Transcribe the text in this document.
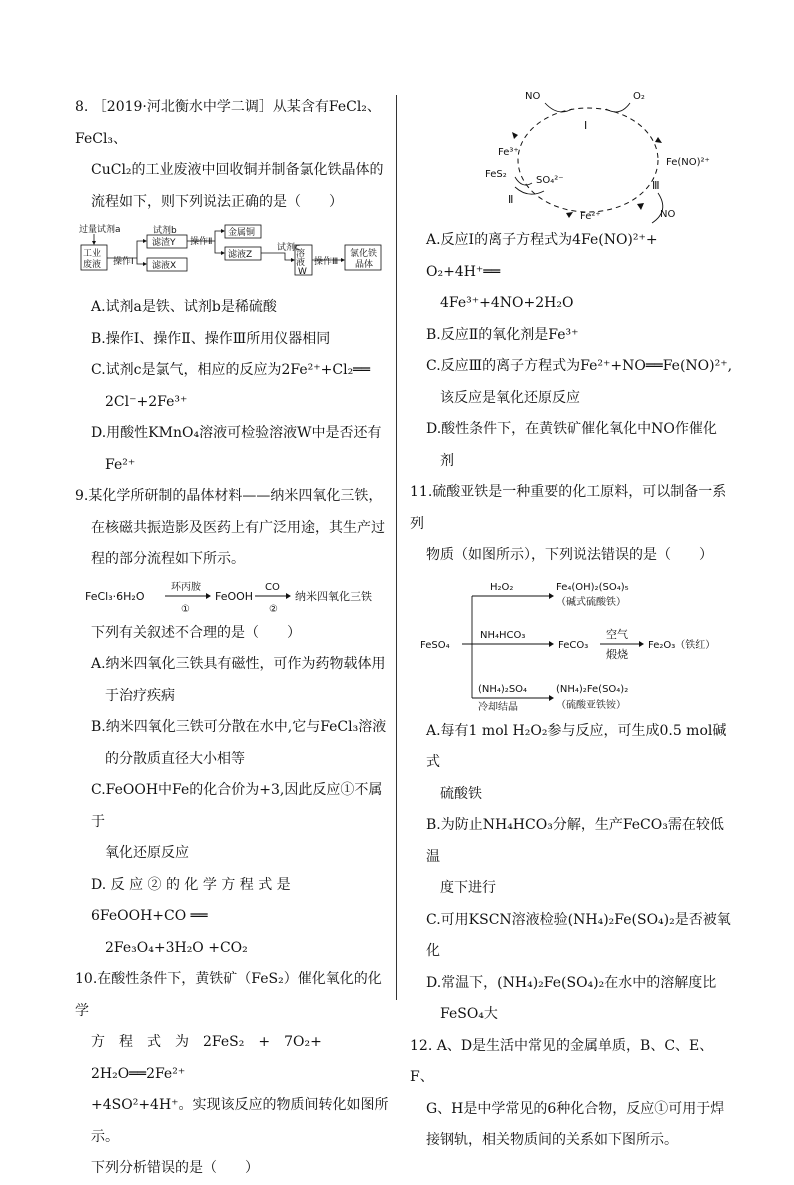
8. ［2019·河北衡水中学二调］从某含有FeCl₂、FeCl₃、

CuCl₂的工业废液中回收铜并制备氯化铁晶体的

流程如下，则下列说法正确的是（　　）

过量试剂a	试剂b
操作Ⅰ
操作Ⅱ
试剂c
操作Ⅲ
工业
废液
滤渣Y
滤液X
金属铜
滤液Z	溶
液
W
氯化铁
晶体

A.试剂a是铁、试剂b是稀硫酸

B.操作Ⅰ、操作Ⅱ、操作Ⅲ所用仪器相同

C.试剂c是氯气，相应的反应为2Fe²⁺+Cl₂══

2Cl⁻+2Fe³⁺

D.用酸性KMnO₄溶液可检验溶液W中是否还有

Fe²⁺

9.某化学所研制的晶体材料——纳米四氧化三铁，

在核磁共振造影及医药上有广泛用途，其生产过

程的部分流程如下所示。

FeCl₃·6H₂O
环丙胺
①
FeOOH
CO
②
纳米四氧化三铁

下列有关叙述不合理的是（　　）

A.纳米四氧化三铁具有磁性，可作为药物载体用

于治疗疾病

B.纳米四氧化三铁可分散在水中,它与FeCl₃溶液

的分散质直径大小相等

C.FeOOH中Fe的化合价为+3,因此反应①不属于

氧化还原反应

D. 反 应 ② 的 化 学 方 程 式 是 6FeOOH+CO ══

2Fe₃O₄+3H₂O +CO₂

10.在酸性条件下，黄铁矿（FeS₂）催化氧化的化学

方　程　式　为　2FeS₂　+　7O₂+　2H₂O══2Fe²⁺

+4SO²+4H⁺。实现该反应的物质间转化如图所示。

下列分析错误的是（　　）

NO	O₂
Ⅰ
Fe³⁺
Fe(NO)²⁺
FeS₂
SO₄²⁻
Ⅱ
Ⅲ
Fe²⁺	NO

A.反应Ⅰ的离子方程式为4Fe(NO)²⁺+ O₂+4H⁺══

4Fe³⁺+4NO+2H₂O

B.反应Ⅱ的氧化剂是Fe³⁺

C.反应Ⅲ的离子方程式为Fe²⁺+NO══Fe(NO)²⁺,

该反应是氧化还原反应

D.酸性条件下，在黄铁矿催化氧化中NO作催化

剂

11.硫酸亚铁是一种重要的化工原料，可以制备一系列

物质（如图所示），下列说法错误的是（　　）

FeSO₄
H₂O₂	Fe₄(OH)₂(SO₄)₅
（碱式硫酸铁）
NH₄HCO₃
FeCO₃
空气
煅烧
Fe₂O₃（铁红）
(NH₄)₂SO₄
冷却结晶
(NH₄)₂Fe(SO₄)₂
（硫酸亚铁铵）

A.每有1 mol H₂O₂参与反应，可生成0.5 mol碱式

硫酸铁

B.为防止NH₄HCO₃分解，生产FeCO₃需在较低温

度下进行

C.可用KSCN溶液检验(NH₄)₂Fe(SO₄)₂是否被氧化

D.常温下，(NH₄)₂Fe(SO₄)₂在水中的溶解度比

FeSO₄大

12. A、D是生活中常见的金属单质，B、C、E、F、

G、H是中学常见的6种化合物，反应①可用于焊

接钢轨，相关物质间的关系如下图所示。
